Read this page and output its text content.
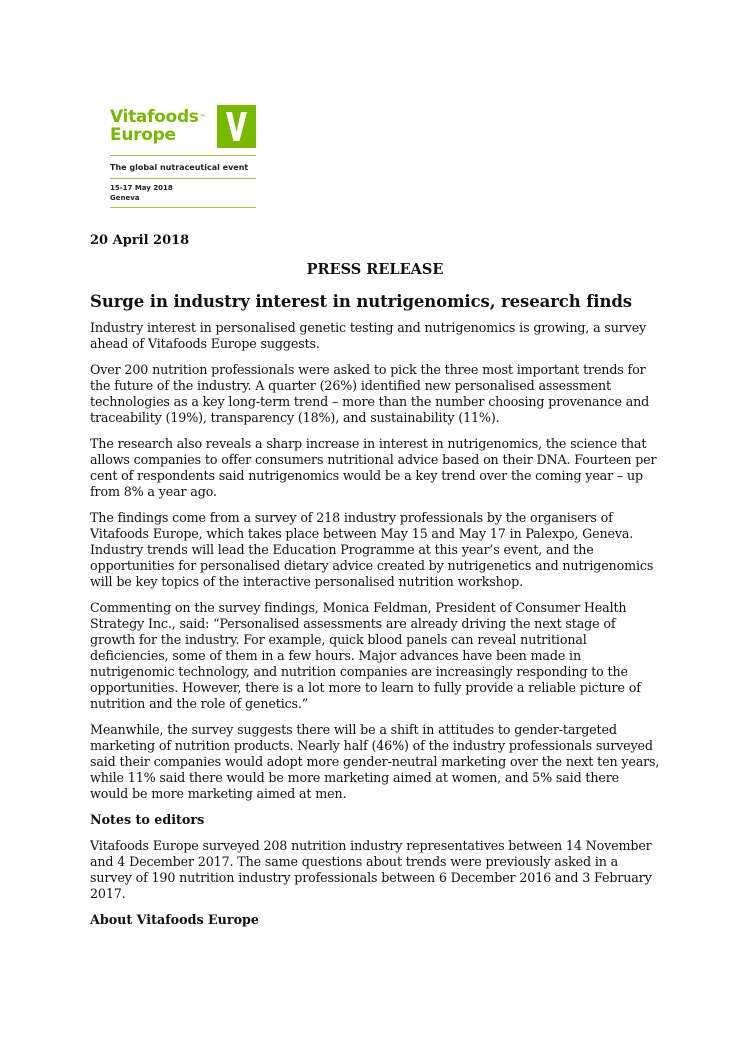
Vitafoods™
Europe
The global nutraceutical event
15-17 May 2018
Geneva

20 April 2018

PRESS RELEASE

Surge in industry interest in nutrigenomics, research finds

Industry interest in personalised genetic testing and nutrigenomics is growing, a survey ahead of Vitafoods Europe suggests.

Over 200 nutrition professionals were asked to pick the three most important trends for the future of the industry. A quarter (26%) identified new personalised assessment technologies as a key long-term trend – more than the number choosing provenance and traceability (19%), transparency (18%), and sustainability (11%).

The research also reveals a sharp increase in interest in nutrigenomics, the science that allows companies to offer consumers nutritional advice based on their DNA. Fourteen per cent of respondents said nutrigenomics would be a key trend over the coming year – up from 8% a year ago.

The findings come from a survey of 218 industry professionals by the organisers of Vitafoods Europe, which takes place between May 15 and May 17 in Palexpo, Geneva. Industry trends will lead the Education Programme at this year’s event, and the opportunities for personalised dietary advice created by nutrigenetics and nutrigenomics will be key topics of the interactive personalised nutrition workshop.

Commenting on the survey findings, Monica Feldman, President of Consumer Health Strategy Inc., said: “Personalised assessments are already driving the next stage of growth for the industry. For example, quick blood panels can reveal nutritional deficiencies, some of them in a few hours. Major advances have been made in nutrigenomic technology, and nutrition companies are increasingly responding to the opportunities. However, there is a lot more to learn to fully provide a reliable picture of nutrition and the role of genetics.”

Meanwhile, the survey suggests there will be a shift in attitudes to gender-targeted marketing of nutrition products. Nearly half (46%) of the industry professionals surveyed said their companies would adopt more gender-neutral marketing over the next ten years, while 11% said there would be more marketing aimed at women, and 5% said there would be more marketing aimed at men.

Notes to editors

Vitafoods Europe surveyed 208 nutrition industry representatives between 14 November and 4 December 2017. The same questions about trends were previously asked in a survey of 190 nutrition industry professionals between 6 December 2016 and 3 February 2017.

About Vitafoods Europe
